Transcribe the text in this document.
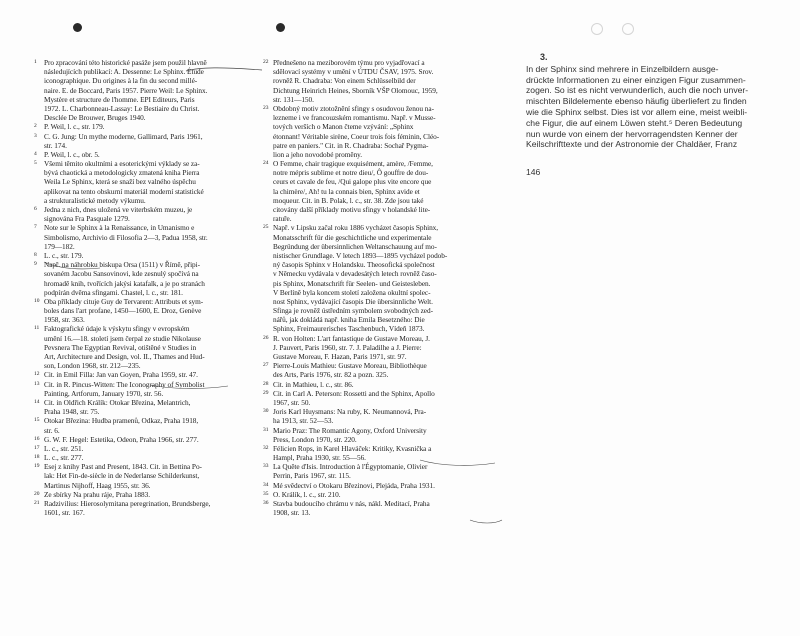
1 Pro zpracování této historické pasáže jsem použil hlavně
následujících publikací: A. Dessenne: Le Sphinx. Étude
iconographique. Du origines à la fin du second millé-
naire. E. de Boccard, Paris 1957. Pierre Weil: Le Sphinx.
Mystère et structure de l'homme. EPI Editeurs, Paris
1972. L. Charbonneau-Lassay: Le Bestiaire du Christ.
Desclée De Brouwer, Bruges 1940.
2 P. Weil, l. c., str. 179.
3 C. G. Jung: Un mythe moderne, Gallimard, Paris 1961,
str. 174.
4 P. Weil, l. c., obr. 5.
5 Všemi těmito okultními a esoterickými výklady se za-
bývá chaotická a metodologicky zmatená kniha Pierra
Weila Le Sphinx, která se snaží bez valného úspěchu
aplikovat na tento obskurní materiál moderní statistické
a strukturalistické metody výkumu.
6 Jedna z nich, dnes uložená ve viterbském muzeu, je
signována Fra Pasquale 1279.
7 Note sur le Sphinx à la Renaissance, in Umanismo e
Simbolismo, Archivio di Filosofia 2—3, Padua 1958, str.
179—182.
8 L. c., str. 179.
9 Např. na náhrobku biskupa Orsa (1511) v Římě, připi-
sovaném Jacobu Sansovinovi, kde zesnulý spočívá na
hromadě knih, tvořících jakýsi katafalk, a je po stranách
podpírán dvěma sfingami. Chastel, l. c., str. 181.
10 Oba příklady cituje Guy de Tervarent: Attributs et sym-
boles dans l'art profane, 1450—1600, E. Droz, Genève
1958, str. 363.
11 Faktografické údaje k výskytu sfingy v evropském
umění 16.—18. století jsem čerpal ze studie Nikolause
Pevsnera The Egyptian Revival, otištěné v Studies in
Art, Architecture and Design, vol. II., Thames and Hud-
son, London 1968, str. 212—235.
12 Cit. in Emil Filla: Jan van Goyen, Praha 1959, str. 47.
13 Cit. in R. Pincus-Witten: The Iconography of Symbolist
Painting, Artforum, January 1970, str. 56.
14 Cit. in Oldřich Králík: Otokar Březina, Melantrich,
Praha 1948, str. 75.
15 Otokar Březina: Hudba pramenů, Odkaz, Praha 1918,
str. 6.
16 G. W. F. Hegel: Estetika, Odeon, Praha 1966, str. 277.
17 L. c., str. 251.
18 L. c., str. 277.
19 Esej z knihy Past and Present, 1843. Cit. in Bettina Po-
lak: Het Fin-de-siècle in de Nederlanse Schilderkunst,
Martinus Nijhoff, Haag 1955, str. 36.
20 Ze sbírky Na prahu ráje, Praha 1883.
21 Radzivilius: Hierosolymitana peregrination, Brundsberge,
1601, str. 167.
22 Přednešeno na meziborovém týmu pro vyjadřovací a
sdělovací systémy v umění v ÚTDU ČSAV, 1975. Srov.
rovněž R. Chadraba: Von einem Schlüsselbild der
Dichtung Heinrich Heines, Sborník VŠP Olomouc, 1959,
str. 131—150.
23 Obdobný motiv ztotožnění sfingy s osudovou ženou na-
lezneme i ve francouzském romantismu. Např. v Musse-
tových verších o Manon čteme vzývání: „Sphinx
étonnant! Véritable sirène, Coeur trois fois féminin, Cléo-
patre en paniers." Cit. in R. Chadraba: Sochař Pygma-
lion a jeho novodobé proměny.
24 O Femme, chair tragique exquisément, amère, /Femme,
notre mépris sublime et notre dieu/, Ô gouffre de dou-
ceurs et cavale de feu, /Qui galope plus vite encore que
la chimère/, Ah! tu la connais bien, Sphinx avide et
moqueur. Cit. in B. Polak, l. c., str. 38. Zde jsou také
citovány další příklady motivu sfingy v holandské lite-
ratuře.
25 Např. v Lipsku začal roku 1886 vycházet časopis Sphinx,
Monatsschrift für die geschichtliche und experimentale
Begründung der übersinnlichen Weltanschauung auf mo-
nistischer Grundlage. V letech 1893—1895 vycházel podob-
ný časopis Sphinx v Holandsku. Theosofická společnost
v Německu vydávala v devadesátých letech rovněž časo-
pis Sphinx, Monatschrift für Seelen- und Geistesleben.
V Berlíně byla koncem století založena okultní spolec-
nost Sphinx, vydávající časopis Die übersinnliche Welt.
Sfinga je rovněž ústředním symbolem svobodných zed-
nářů, jak dokládá např. kniha Emila Besetzného: Die
Sphinx, Freimaurerisches Taschenbuch, Vídeň 1873.
26 R. von Holten: L'art fantastique de Gustave Moreau, J.
J. Pauvert, Paris 1960, str. 7. J. Paladilhe a J. Pierre:
Gustave Moreau, F. Hazan, Paris 1971, str. 97.
27 Pierre-Louis Mathieu: Gustave Moreau, Bibliothèque
des Arts, Paris 1976, str. 82 a pozn. 325.
28 Cit. in Mathieu, l. c., str. 86.
29 Cit. in Carl A. Peterson: Rossetti and the Sphinx, Apollo
1967, str. 50.
30 Joris Karl Huysmans: Na ruby, K. Neumannová, Pra-
ha 1913, str. 52—53.
31 Mario Praz: The Romantic Agony, Oxford University
Press, London 1970, str. 220.
32 Félicien Rops, in Karel Hlaváček: Kritiky, Kvasnička a
Hampl, Praha 1930, str. 55—56.
33 La Quête d'Isis. Introduction à l'Égyptomanie, Olivier
Perrin, Paris 1967, str. 115.
34 Mé svědectví o Otokaru Březinovi, Plejáda, Praha 1931.
35 O. Králík, l. c., str. 210.
36 Stavba budoucího chrámu v nás, nákl. Meditací, Praha
1908, str. 13.
3.
In der Sphinx sind mehrere in Einzelbildern ausge-
drückte Informationen zu einer einzigen Figur zusammen-
zogen. So ist es nicht verwunderlich, auch die noch unver-
mischten Bildelemente ebenso häufig überliefert zu finden
wie die Sphinx selbst. Dies ist vor allem eine, meist weibli-
che Figur, die auf einem Löwen steht.⁵ Deren Bedeutung
nun wurde von einem der hervorragendsten Kenner der
Keilschrifttexte und der Astronomie der Chaldäer, Franz
146
